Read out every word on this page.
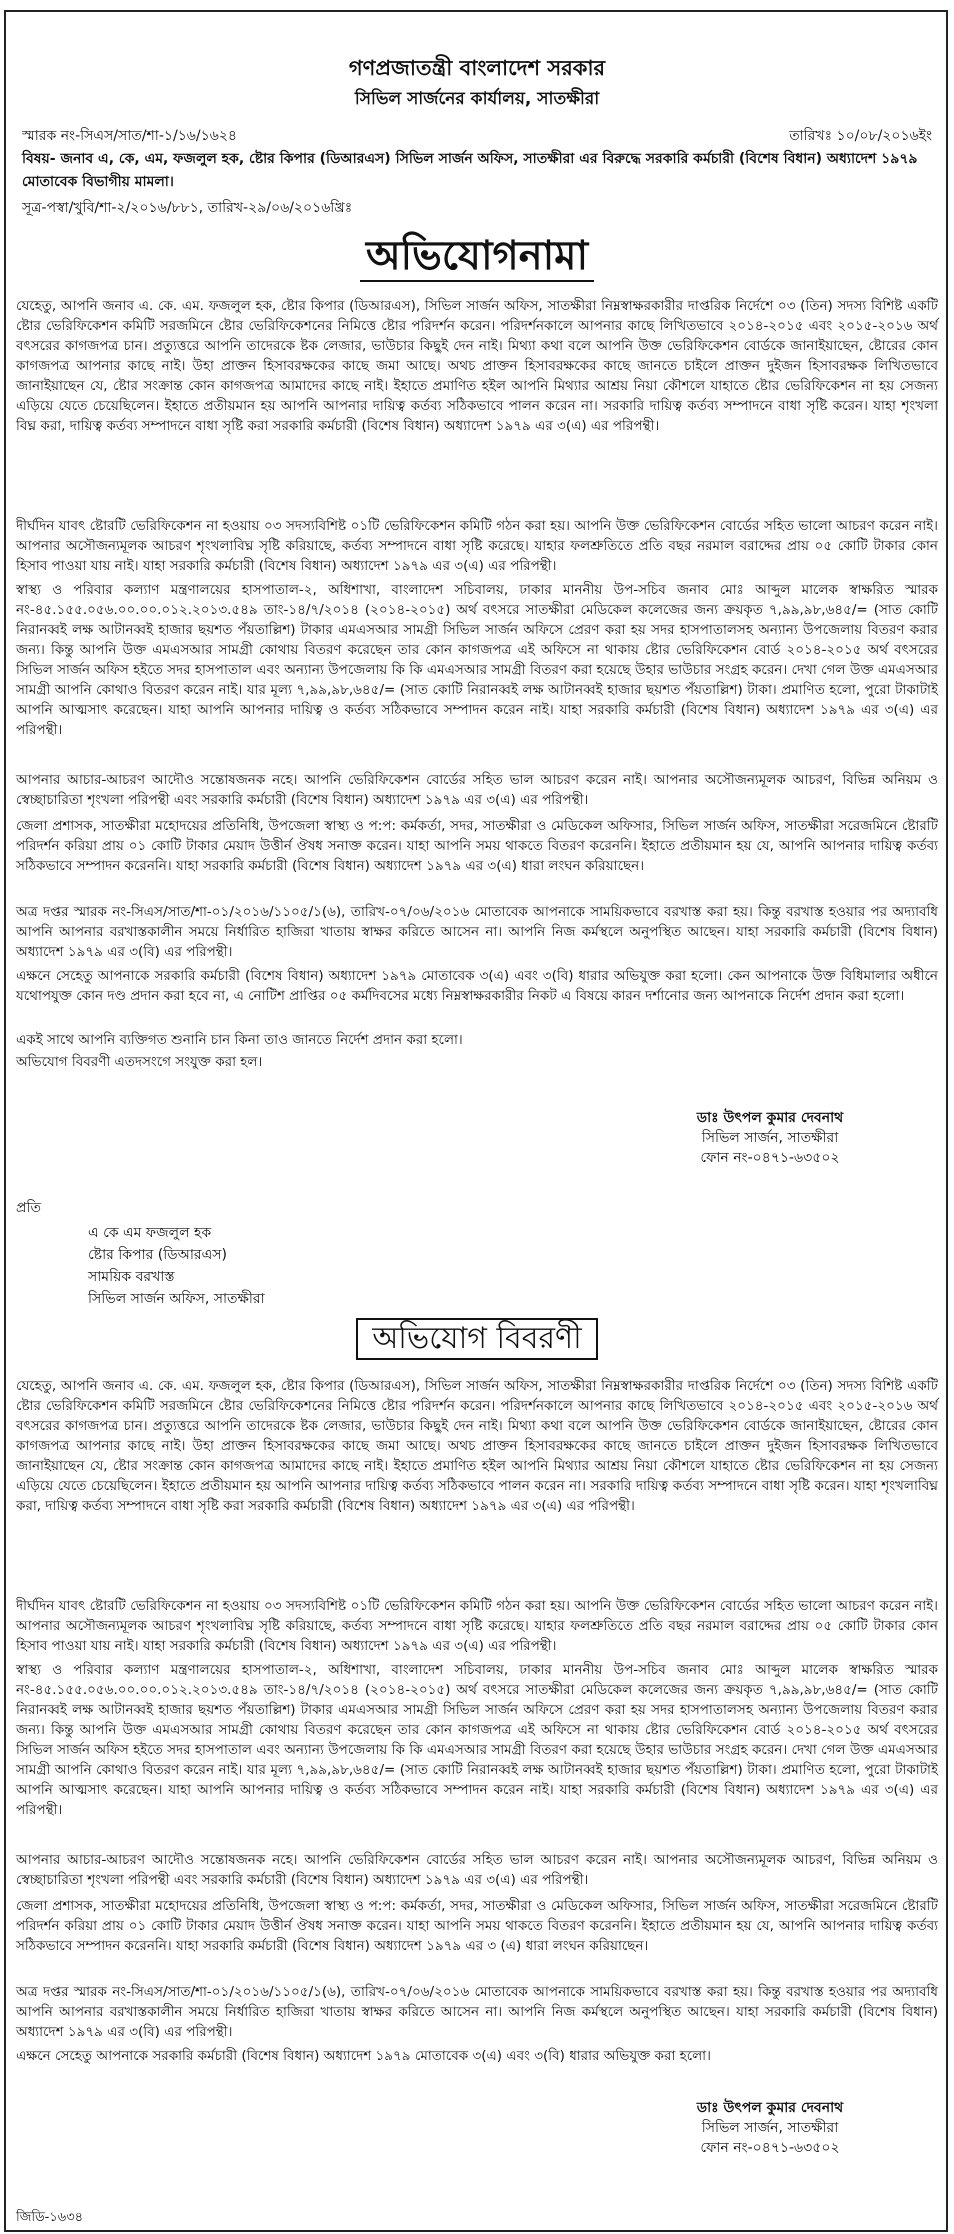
গণপ্রজাতন্ত্রী বাংলাদেশ সরকার
সিভিল সার্জনের কার্যালয়, সাতক্ষীরা
স্মারক নং-সিএস/সাত/শা-১/১৬/১৬২৪	তারিখঃ ১০/০৮/২০১৬ইং
বিষয়- জনাব এ, কে, এম, ফজলুল হক, ষ্টোর কিপার (ডিআরএস) সিভিল সার্জন অফিস, সাতক্ষীরা এর বিরুদ্ধে সরকারি কর্মচারী (বিশেষ বিধান) অধ্যাদেশ ১৯৭৯ মোতাবেক বিভাগীয় মামলা।
সূত্র-পস্বা/খুবি/শা-২/২০১৬/৮৮১, তারিখ-২৯/০৬/২০১৬খ্রিঃ
অভিযোগনামা
যেহেতু, আপনি জনাব এ. কে. এম. ফজলুল হক, ষ্টোর কিপার (ডিআরএস), সিভিল সার্জন অফিস, সাতক্ষীরা নিম্নস্বাক্ষরকারীর দাপ্তরিক নির্দেশে ০৩ (তিন) সদস্য বিশিষ্ট একটি ষ্টোর ভেরিফিকেশন কমিটি সরজমিনে ষ্টোর ভেরিফিকেশনের নিমিত্তে ষ্টোর পরিদর্শন করেন। পরিদর্শনকালে আপনার কাছে লিখিতভাবে ২০১৪-২০১৫ এবং ২০১৫-২০১৬ অর্থ বৎসরের কাগজপত্র চান। প্রত্যুত্তরে আপনি তাদেরকে ষ্টক লেজার, ভাউচার কিছুই দেন নাই। মিথ্যা কথা বলে আপনি উক্ত ভেরিফিকেশন বোর্ডকে জানাইয়াছেন, ষ্টোরের কোন কাগজপত্র আপনার কাছে নাই। উহা প্রাক্তন হিসাবরক্ষকের কাছে জমা আছে। অথচ প্রাক্তন হিসাবরক্ষকের কাছে জানতে চাইলে প্রাক্তন দুইজন হিসাবরক্ষক লিখিতভাবে জানাইয়াছেন যে, ষ্টোর সংক্রান্ত কোন কাগজপত্র আমাদের কাছে নাই। ইহাতে প্রমাণিত হইল আপনি মিথ্যার আশ্রয় নিয়া কৌশলে যাহাতে ষ্টোর ভেরিফিকেশন না হয় সেজন্য এড়িয়ে যেতে চেয়েছিলেন। ইহাতে প্রতীয়মান হয় আপনি আপনার দায়িত্ব কর্তব্য সঠিকভাবে পালন করেন না। সরকারি দায়িত্ব কর্তব্য সম্পাদনে বাধা সৃষ্টি করেন। যাহা শৃংখলা বিঘ্ন করা, দায়িত্ব কর্তব্য সম্পাদনে বাধা সৃষ্টি করা সরকারি কর্মচারী (বিশেষ বিধান) অধ্যাদেশ ১৯৭৯ এর ৩(এ) এর পরিপন্থী।
দীর্ঘদিন যাবৎ ষ্টোরটি ভেরিফিকেশন না হওয়ায় ০৩ সদস্যবিশিষ্ট ০১টি ভেরিফিকেশন কমিটি গঠন করা হয়। আপনি উক্ত ভেরিফিকেশন বোর্ডের সহিত ভালো আচরণ করেন নাই। আপনার অসৌজন্যমূলক আচরণ শৃংখলাবিঘ্ন সৃষ্টি করিয়াছে, কর্তব্য সম্পাদনে বাধা সৃষ্টি করেছে। যাহার ফলশ্রুতিতে প্রতি বছর নরমাল বরাদ্দের প্রায় ০৫ কোটি টাকার কোন হিসাব পাওয়া যায় নাই। যাহা সরকারি কর্মচারী (বিশেষ বিধান) অধ্যাদেশ ১৯৭৯ এর ৩(এ) এর পরিপন্থী।
স্বাস্থ্য ও পরিবার কল্যাণ মন্ত্রণালয়ের হাসপাতাল-২, অধিশাখা, বাংলাদেশ সচিবালয়, ঢাকার মাননীয় উপ-সচিব জনাব মোঃ আব্দুল মালেক স্বাক্ষরিত স্মারক নং-৪৫.১৫৫.০৫৬.০০.০০.০১২.২০১৩.৫৪৯ তাং-১৪/৭/২০১৪ (২০১৪-২০১৫) অর্থ বৎসরে সাতক্ষীরা মেডিকেল কলেজের জন্য ক্রয়কৃত ৭,৯৯,৯৮,৬৪৫/= (সাত কোটি নিরানব্বই লক্ষ আটানব্বই হাজার ছয়শত পঁয়তাল্লিশ) টাকার এমএসআর সামগ্রী সিভিল সার্জন অফিসে প্রেরণ করা হয় সদর হাসপাতালসহ অন্যান্য উপজেলায় বিতরণ করার জন্য। কিন্তু আপনি উক্ত এমএসআর সামগ্রী কোথায় বিতরণ করেছেন তার কোন কাগজপত্র এই অফিসে না থাকায় ষ্টোর ভেরিফিকেশন বোর্ড ২০১৪-২০১৫ অর্থ বৎসরের সিভিল সার্জন অফিস হইতে সদর হাসপাতাল এবং অন্যান্য উপজেলায় কি কি এমএসআর সামগ্রী বিতরণ করা হয়েছে উহার ভাউচার সংগ্রহ করেন। দেখা গেল উক্ত এমএসআর সামগ্রী আপনি কোথাও বিতরণ করেন নাই। যার মূল্য ৭,৯৯,৯৮,৬৪৫/= (সাত কোটি নিরানব্বই লক্ষ আটানব্বই হাজার ছয়শত পঁয়তাল্লিশ) টাকা। প্রমাণিত হলো, পুরো টাকাটাই আপনি আত্মসাৎ করেছেন। যাহা আপনি আপনার দায়িত্ব ও কর্তব্য সঠিকভাবে সম্পাদন করেন নাই। যাহা সরকারি কর্মচারী (বিশেষ বিধান) অধ্যাদেশ ১৯৭৯ এর ৩(এ) এর পরিপন্থী।
আপনার আচার-আচরণ আদৌও সন্তোষজনক নহে। আপনি ভেরিফিকেশন বোর্ডের সহিত ভাল আচরণ করেন নাই। আপনার অসৌজন্যমূলক আচরণ, বিভিন্ন অনিয়ম ও স্বেচ্ছাচারিতা শৃংখলা পরিপন্থী এবং সরকারি কর্মচারী (বিশেষ বিধান) অধ্যাদেশ ১৯৭৯ এর ৩(এ) এর পরিপন্থী।
জেলা প্রশাসক, সাতক্ষীরা মহোদয়ের প্রতিনিধি, উপজেলা স্বাস্থ্য ও প:প: কর্মকর্তা, সদর, সাতক্ষীরা ও মেডিকেল অফিসার, সিভিল সার্জন অফিস, সাতক্ষীরা সরেজমিনে ষ্টোরটি পরিদর্শন করিয়া প্রায় ০১ কোটি টাকার মেয়াদ উত্তীর্ন ঔষধ সনাক্ত করেন। যাহা আপনি সময় থাকতে বিতরণ করেননি। ইহাতে প্রতীয়মান হয় যে, আপনি আপনার দায়িত্ব কর্তব্য সঠিকভাবে সম্পাদন করেননি। যাহা সরকারি কর্মচারী (বিশেষ বিধান) অধ্যাদেশ ১৯৭৯ এর ৩(এ) ধারা লংঘন করিয়াছেন।
অত্র দপ্তর স্মারক নং-সিএস/সাত/শা-০১/২০১৬/১১০৫/১(৬), তারিখ-০৭/০৬/২০১৬ মোতাবেক আপনাকে সাময়িকভাবে বরখাস্ত করা হয়। কিন্তু বরখাস্ত হওয়ার পর অদ্যাবধি আপনি আপনার বরখাস্তকালীন সময়ে নির্ধারিত হাজিরা খাতায় স্বাক্ষর করিতে আসেন না। আপনি নিজ কর্মস্থলে অনুপস্থিত আছেন। যাহা সরকারি কর্মচারী (বিশেষ বিধান) অধ্যাদেশ ১৯৭৯ এর ৩(বি) এর পরিপন্থী।
এক্ষনে সেহেতু আপনাকে সরকারি কর্মচারী (বিশেষ বিধান) অধ্যাদেশ ১৯৭৯ মোতাবেক ৩(এ) এবং ৩(বি) ধারার অভিযুক্ত করা হলো। কেন আপনাকে উক্ত বিধিমালার অধীনে যথোপযুক্ত কোন দণ্ড প্রদান করা হবে না, এ নোটিশ প্রাপ্তির ০৫ কর্মদিবসের মধ্যে নিম্নস্বাক্ষরকারীর নিকট এ বিষয়ে কারন দর্শানোর জন্য আপনাকে নির্দেশ প্রদান করা হলো।
একই সাথে আপনি ব্যক্তিগত শুনানি চান কিনা তাও জানতে নির্দেশ প্রদান করা হলো।
অভিযোগ বিবরণী এতদসংগে সংযুক্ত করা হল।
ডাঃ উৎপল কুমার দেবনাথ
সিভিল সার্জন, সাতক্ষীরা
ফোন নং-০৪৭১-৬৩৫০২
প্রতি
এ কে এম ফজলুল হক
ষ্টোর কিপার (ডিআরএস)
সাময়িক বরখাস্ত
সিভিল সার্জন অফিস, সাতক্ষীরা
অভিযোগ বিবরণী
যেহেতু, আপনি জনাব এ. কে. এম. ফজলুল হক, ষ্টোর কিপার (ডিআরএস), সিভিল সার্জন অফিস, সাতক্ষীরা নিম্নস্বাক্ষরকারীর দাপ্তরিক নির্দেশে ০৩ (তিন) সদস্য বিশিষ্ট একটি ষ্টোর ভেরিফিকেশন কমিটি সরজমিনে ষ্টোর ভেরিফিকেশনের নিমিত্তে ষ্টোর পরিদর্শন করেন। পরিদর্শনকালে আপনার কাছে লিখিতভাবে ২০১৪-২০১৫ এবং ২০১৫-২০১৬ অর্থ বৎসরের কাগজপত্র চান। প্রত্যুত্তরে আপনি তাদেরকে ষ্টক লেজার, ভাউচার কিছুই দেন নাই। মিথ্যা কথা বলে আপনি উক্ত ভেরিফিকেশন বোর্ডকে জানাইয়াছেন, ষ্টোরের কোন কাগজপত্র আপনার কাছে নাই। উহা প্রাক্তন হিসাবরক্ষকের কাছে জমা আছে। অথচ প্রাক্তন হিসাবরক্ষকের কাছে জানতে চাইলে প্রাক্তন দুইজন হিসাবরক্ষক লিখিতভাবে জানাইয়াছেন যে, ষ্টোর সংক্রান্ত কোন কাগজপত্র আমাদের কাছে নাই। ইহাতে প্রমাণিত হইল আপনি মিথ্যার আশ্রয় নিয়া কৌশলে যাহাতে ষ্টোর ভেরিফিকেশন না হয় সেজন্য এড়িয়ে যেতে চেয়েছিলেন। ইহাতে প্রতীয়মান হয় আপনি আপনার দায়িত্ব কর্তব্য সঠিকভাবে পালন করেন না। সরকারি দায়িত্ব কর্তব্য সম্পাদনে বাধা সৃষ্টি করেন। যাহা শৃংখলাবিঘ্ন করা, দায়িত্ব কর্তব্য সম্পাদনে বাধা সৃষ্টি করা সরকারি কর্মচারী (বিশেষ বিধান) অধ্যাদেশ ১৯৭৯ এর ৩(এ) এর পরিপন্থী।
দীর্ঘদিন যাবৎ ষ্টোরটি ভেরিফিকেশন না হওয়ায় ০৩ সদস্যবিশিষ্ট ০১টি ভেরিফিকেশন কমিটি গঠন করা হয়। আপনি উক্ত ভেরিফিকেশন বোর্ডের সহিত ভালো আচরণ করেন নাই। আপনার অসৌজন্যমূলক আচরণ শৃংখলাবিঘ্ন সৃষ্টি করিয়াছে, কর্তব্য সম্পাদনে বাধা সৃষ্টি করেছে। যাহার ফলশ্রুতিতে প্রতি বছর নরমাল বরাদ্দের প্রায় ০৫ কোটি টাকার কোন হিসাব পাওয়া যায় নাই। যাহা সরকারি কর্মচারী (বিশেষ বিধান) অধ্যাদেশ ১৯৭৯ এর ৩(এ) এর পরিপন্থী।
স্বাস্থ্য ও পরিবার কল্যাণ মন্ত্রণালয়ের হাসপাতাল-২, অধিশাখা, বাংলাদেশ সচিবালয়, ঢাকার মাননীয় উপ-সচিব জনাব মোঃ আব্দুল মালেক স্বাক্ষরিত স্মারক নং-৪৫.১৫৫.০৫৬.০০.০০.০১২.২০১৩.৫৪৯ তাং-১৪/৭/২০১৪ (২০১৪-২০১৫) অর্থ বৎসরে সাতক্ষীরা মেডিকেল কলেজের জন্য ক্রয়কৃত ৭,৯৯,৯৮,৬৪৫/= (সাত কোটি নিরানব্বই লক্ষ আটানব্বই হাজার ছয়শত পঁয়তাল্লিশ) টাকার এমএসআর সামগ্রী সিভিল সার্জন অফিসে প্রেরণ করা হয় সদর হাসপাতালসহ অন্যান্য উপজেলায় বিতরণ করার জন্য। কিন্তু আপনি উক্ত এমএসআর সামগ্রী কোথায় বিতরণ করেছেন তার কোন কাগজপত্র এই অফিসে না থাকায় ষ্টোর ভেরিফিকেশন বোর্ড ২০১৪-২০১৫ অর্থ বৎসরের সিভিল সার্জন অফিস হইতে সদর হাসপাতাল এবং অন্যান্য উপজেলায় কি কি এমএসআর সামগ্রী বিতরণ করা হয়েছে উহার ভাউচার সংগ্রহ করেন। দেখা গেল উক্ত এমএসআর সামগ্রী আপনি কোথাও বিতরণ করেন নাই। যার মূল্য ৭,৯৯,৯৮,৬৪৫/= (সাত কোটি নিরানব্বই লক্ষ আটানব্বই হাজার ছয়শত পঁয়তাল্লিশ) টাকা। প্রমাণিত হলো, পুরো টাকাটাই আপনি আত্মসাৎ করেছেন। যাহা আপনি আপনার দায়িত্ব ও কর্তব্য সঠিকভাবে সম্পাদন করেন নাই। যাহা সরকারি কর্মচারী (বিশেষ বিধান) অধ্যাদেশ ১৯৭৯ এর ৩(এ) এর পরিপন্থী।
আপনার আচার-আচরণ আদৌও সন্তোষজনক নহে। আপনি ভেরিফিকেশন বোর্ডের সহিত ভাল আচরণ করেন নাই। আপনার অসৌজন্যমূলক আচরণ, বিভিন্ন অনিয়ম ও স্বেচ্ছাচারিতা শৃংখলা পরিপন্থী এবং সরকারি কর্মচারী (বিশেষ বিধান) অধ্যাদেশ ১৯৭৯ এর ৩(এ) এর পরিপন্থী।
জেলা প্রশাসক, সাতক্ষীরা মহোদয়ের প্রতিনিধি, উপজেলা স্বাস্থ্য ও প:প: কর্মকর্তা, সদর, সাতক্ষীরা ও মেডিকেল অফিসার, সিভিল সার্জন অফিস, সাতক্ষীরা সরেজমিনে ষ্টোরটি পরিদর্শন করিয়া প্রায় ০১ কোটি টাকার মেয়াদ উত্তীর্ন ঔষধ সনাক্ত করেন। যাহা আপনি সময় থাকতে বিতরণ করেননি। ইহাতে প্রতীয়মান হয় যে, আপনি আপনার দায়িত্ব কর্তব্য সঠিকভাবে সম্পাদন করেননি। যাহা সরকারি কর্মচারী (বিশেষ বিধান) অধ্যাদেশ ১৯৭৯ এর ৩ (এ) ধারা লংঘন করিয়াছেন।
অত্র দপ্তর স্মারক নং-সিএস/সাত/শা-০১/২০১৬/১১০৫/১(৬), তারিখ-০৭/০৬/২০১৬ মোতাবেক আপনাকে সাময়িকভাবে বরখাস্ত করা হয়। কিন্তু বরখাস্ত হওয়ার পর অদ্যাবধি আপনি আপনার বরখাস্তকালীন সময়ে নির্ধারিত হাজিরা খাতায় স্বাক্ষর করিতে আসেন না। আপনি নিজ কর্মস্থলে অনুপস্থিত আছেন। যাহা সরকারি কর্মচারী (বিশেষ বিধান) অধ্যাদেশ ১৯৭৯ এর ৩(বি) এর পরিপন্থী।
এক্ষনে সেহেতু আপনাকে সরকারি কর্মচারী (বিশেষ বিধান) অধ্যাদেশ ১৯৭৯ মোতাবেক ৩(এ) এবং ৩(বি) ধারার অভিযুক্ত করা হলো।
ডাঃ উৎপল কুমার দেবনাথ
সিভিল সার্জন, সাতক্ষীরা
ফোন নং-০৪৭১-৬৩৫০২
জিডি-১৬৩৪
